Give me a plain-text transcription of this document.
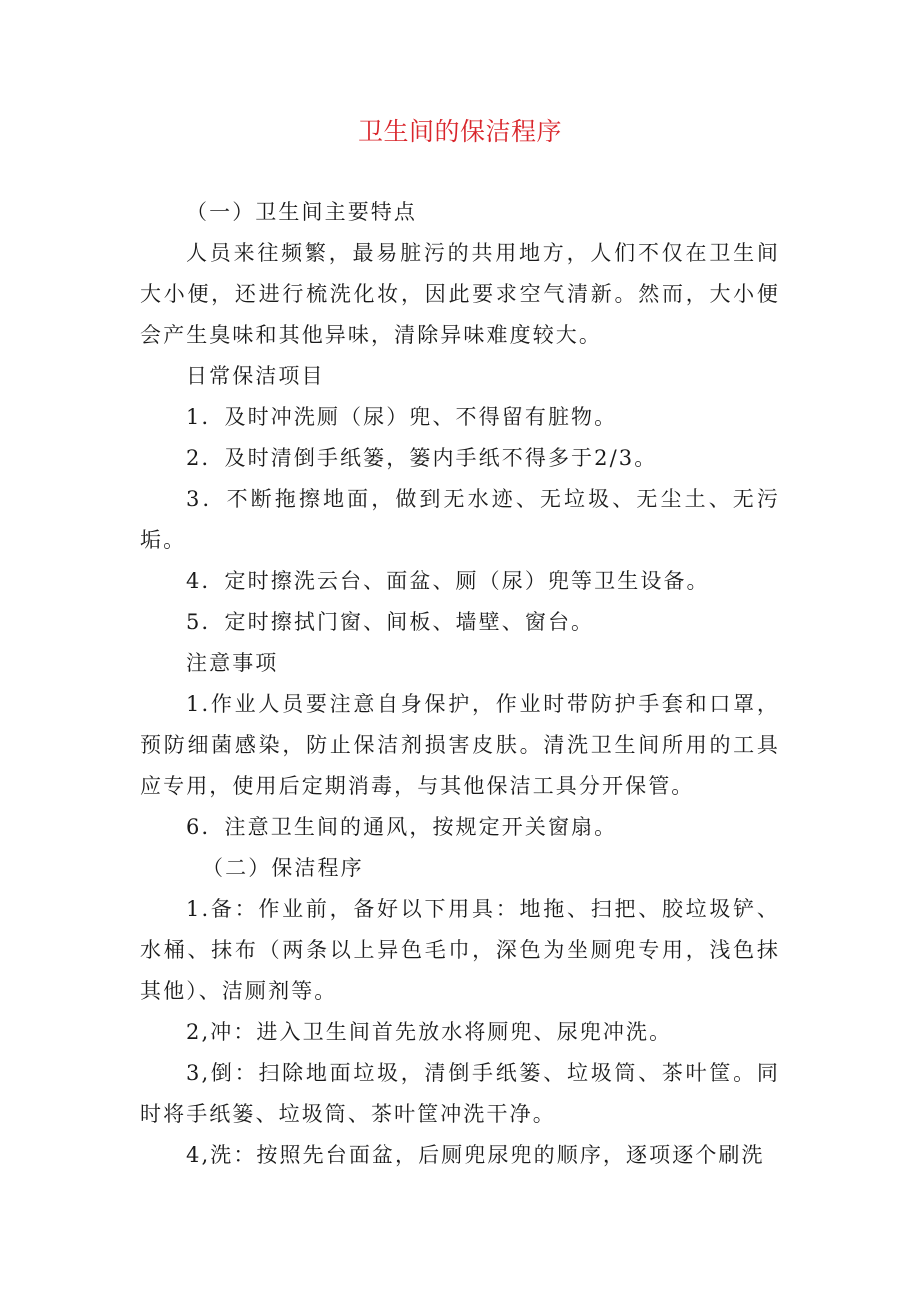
卫生间的保洁程序

（一）卫生间主要特点

人员来往频繁，最易脏污的共用地方，人们不仅在卫生间大小便，还进行梳洗化妆，因此要求空气清新。然而，大小便会产生臭味和其他异味，清除异味难度较大。

日常保洁项目

1．及时冲洗厕（尿）兜、不得留有脏物。

2．及时清倒手纸篓，篓内手纸不得多于2/3。

3．不断拖擦地面，做到无水迹、无垃圾、无尘土、无污垢。

4．定时擦洗云台、面盆、厕（尿）兜等卫生设备。

5．定时擦拭门窗、间板、墙壁、窗台。

注意事项

1.作业人员要注意自身保护，作业时带防护手套和口罩，预防细菌感染，防止保洁剂损害皮肤。清洗卫生间所用的工具应专用，使用后定期消毒，与其他保洁工具分开保管。

6．注意卫生间的通风，按规定开关窗扇。

（二）保洁程序

1.备：作业前，备好以下用具：地拖、扫把、胶垃圾铲、水桶、抹布（两条以上异色毛巾，深色为坐厕兜专用，浅色抹其他）、洁厕剂等。

2,冲：进入卫生间首先放水将厕兜、尿兜冲洗。

3,倒：扫除地面垃圾，清倒手纸篓、垃圾筒、茶叶筐。同时将手纸篓、垃圾筒、茶叶筐冲洗干净。

4,洗：按照先台面盆，后厕兜尿兜的顺序，逐项逐个刷洗
